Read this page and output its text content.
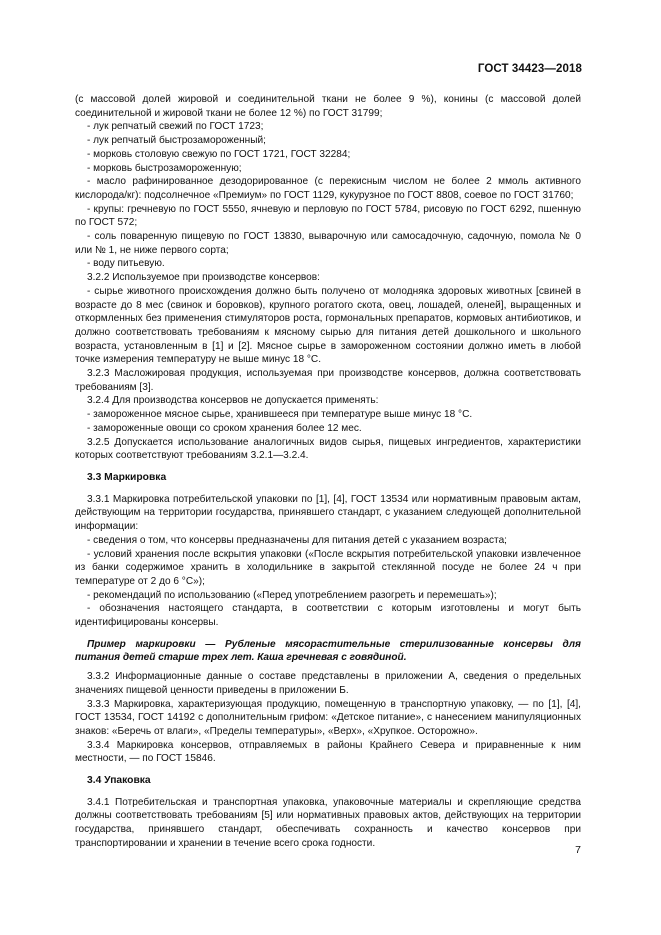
ГОСТ 34423—2018

(с массовой долей жировой и соединительной ткани не более 9 %), конины (с массовой долей соединительной и жировой ткани не более 12 %) по ГОСТ 31799;

- лук репчатый свежий по ГОСТ 1723;

- лук репчатый быстрозамороженный;

- морковь столовую свежую по ГОСТ 1721, ГОСТ 32284;

- морковь быстрозамороженную;

- масло рафинированное дезодорированное (с перекисным числом не более 2 ммоль активного кислорода/кг): подсолнечное «Премиум» по ГОСТ 1129, кукурузное по ГОСТ 8808, соевое по ГОСТ 31760;

- крупы: гречневую по ГОСТ 5550, ячневую и перловую по ГОСТ 5784, рисовую по ГОСТ 6292, пшенную по ГОСТ 572;

- соль поваренную пищевую по ГОСТ 13830, выварочную или самосадочную, садочную, помола № 0 или № 1, не ниже первого сорта;

- воду питьевую.

3.2.2 Используемое при производстве консервов:

- сырье животного происхождения должно быть получено от молодняка здоровых животных [свиней в возрасте до 8 мес (свинок и боровков), крупного рогатого скота, овец, лошадей, оленей], выращенных и откормленных без применения стимуляторов роста, гормональных препаратов, кормовых антибиотиков, и должно соответствовать требованиям к мясному сырью для питания детей дошкольного и школьного возраста, установленным в [1] и [2]. Мясное сырье в замороженном состоянии должно иметь в любой точке измерения температуру не выше минус 18 °С.

3.2.3 Масложировая продукция, используемая при производстве консервов, должна соответствовать требованиям [3].

3.2.4 Для производства консервов не допускается применять:

- замороженное мясное сырье, хранившееся при температуре выше минус 18 °С.

- замороженные овощи со сроком хранения более 12 мес.

3.2.5 Допускается использование аналогичных видов сырья, пищевых ингредиентов, характеристики которых соответствуют требованиям 3.2.1—3.2.4.

3.3 Маркировка

3.3.1 Маркировка потребительской упаковки по [1], [4], ГОСТ 13534 или нормативным правовым актам, действующим на территории государства, принявшего стандарт, с указанием следующей дополнительной информации:

- сведения о том, что консервы предназначены для питания детей с указанием возраста;

- условий хранения после вскрытия упаковки («После вскрытия потребительской упаковки извлеченное из банки содержимое хранить в холодильнике в закрытой стеклянной посуде не более 24 ч при температуре от 2 до 6 °С»);

- рекомендаций по использованию («Перед употреблением разогреть и перемешать»);

- обозначения настоящего стандарта, в соответствии с которым изготовлены и могут быть идентифицированы консервы.

Пример маркировки — Рубленые мясорастительные стерилизованные консервы для питания детей старше трех лет. Каша гречневая с говядиной.

3.3.2 Информационные данные о составе представлены в приложении А, сведения о предельных значениях пищевой ценности приведены в приложении Б.

3.3.3 Маркировка, характеризующая продукцию, помещенную в транспортную упаковку, — по [1], [4], ГОСТ 13534, ГОСТ 14192 с дополнительным грифом: «Детское питание», с нанесением манипуляционных знаков: «Беречь от влаги», «Пределы температуры», «Верх», «Хрупкое. Осторожно».

3.3.4 Маркировка консервов, отправляемых в районы Крайнего Севера и приравненные к ним местности, — по ГОСТ 15846.

3.4 Упаковка

3.4.1 Потребительская и транспортная упаковка, упаковочные материалы и скрепляющие средства должны соответствовать требованиям [5] или нормативных правовых актов, действующих на территории государства, принявшего стандарт, обеспечивать сохранность и качество консервов при транспортировании и хранении в течение всего срока годности.

7
